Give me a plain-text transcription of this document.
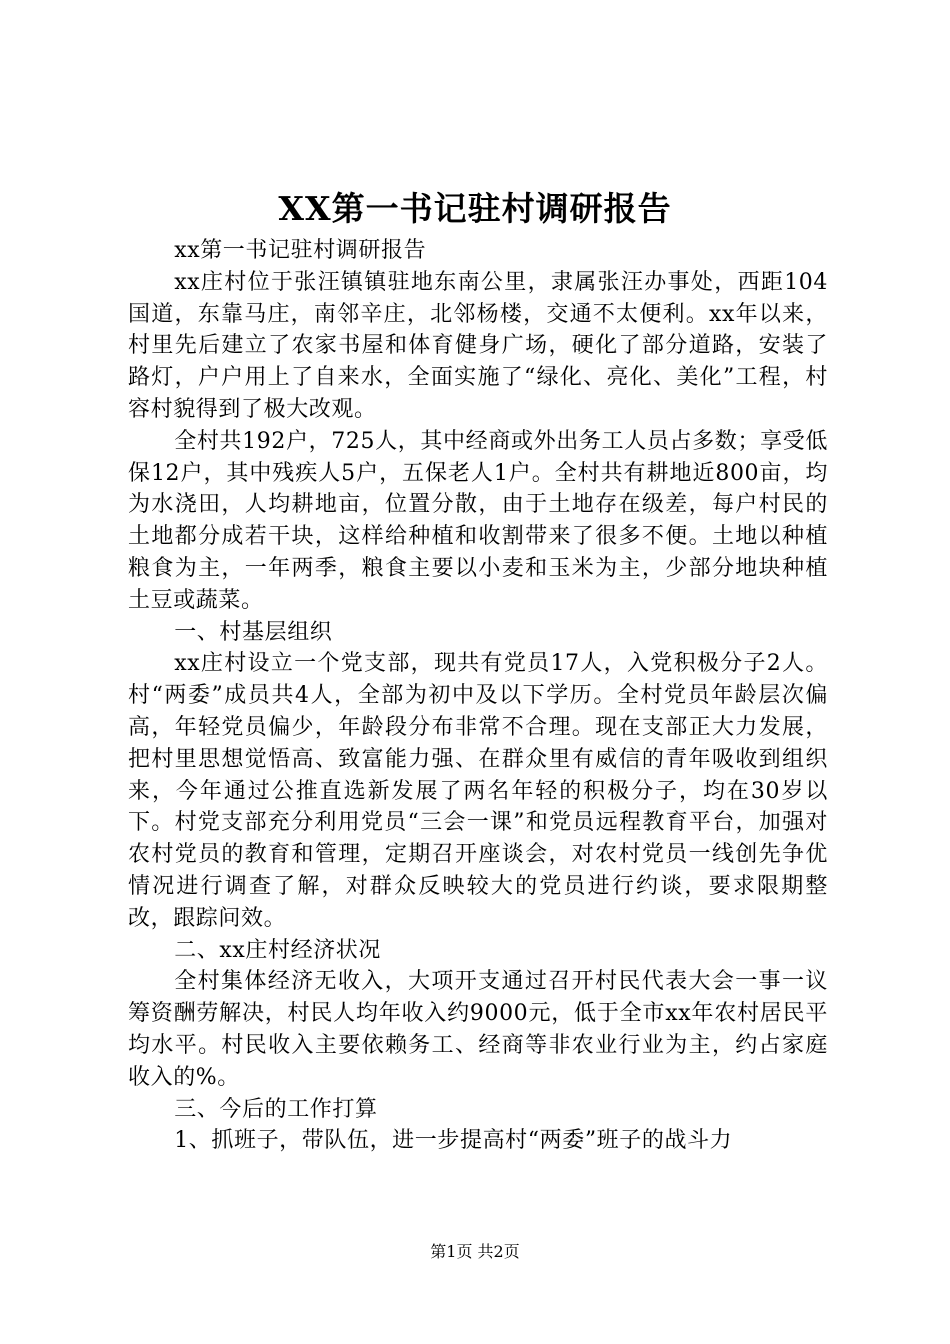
XX第一书记驻村调研报告

xx第一书记驻村调研报告

xx庄村位于张汪镇镇驻地东南公里，隶属张汪办事处，西距104国道，东靠马庄，南邻辛庄，北邻杨楼，交通不太便利。xx年以来，村里先后建立了农家书屋和体育健身广场，硬化了部分道路，安装了路灯，户户用上了自来水，全面实施了“绿化、亮化、美化”工程，村容村貌得到了极大改观。

全村共192户，725人，其中经商或外出务工人员占多数；享受低保12户，其中残疾人5户，五保老人1户。全村共有耕地近800亩，均为水浇田，人均耕地亩，位置分散，由于土地存在级差，每户村民的土地都分成若干块，这样给种植和收割带来了很多不便。土地以种植粮食为主，一年两季，粮食主要以小麦和玉米为主，少部分地块种植土豆或蔬菜。

一、村基层组织

xx庄村设立一个党支部，现共有党员17人，入党积极分子2人。村“两委”成员共4人，全部为初中及以下学历。全村党员年龄层次偏高，年轻党员偏少，年龄段分布非常不合理。现在支部正大力发展，把村里思想觉悟高、致富能力强、在群众里有威信的青年吸收到组织来，今年通过公推直选新发展了两名年轻的积极分子，均在30岁以下。村党支部充分利用党员“三会一课”和党员远程教育平台，加强对农村党员的教育和管理，定期召开座谈会，对农村党员一线创先争优情况进行调查了解，对群众反映较大的党员进行约谈，要求限期整改，跟踪问效。

二、xx庄村经济状况

全村集体经济无收入，大项开支通过召开村民代表大会一事一议筹资酬劳解决，村民人均年收入约9000元，低于全市xx年农村居民平均水平。村民收入主要依赖务工、经商等非农业行业为主，约占家庭收入的%。

三、今后的工作打算

1、抓班子，带队伍，进一步提高村“两委”班子的战斗力

第1页 共2页
